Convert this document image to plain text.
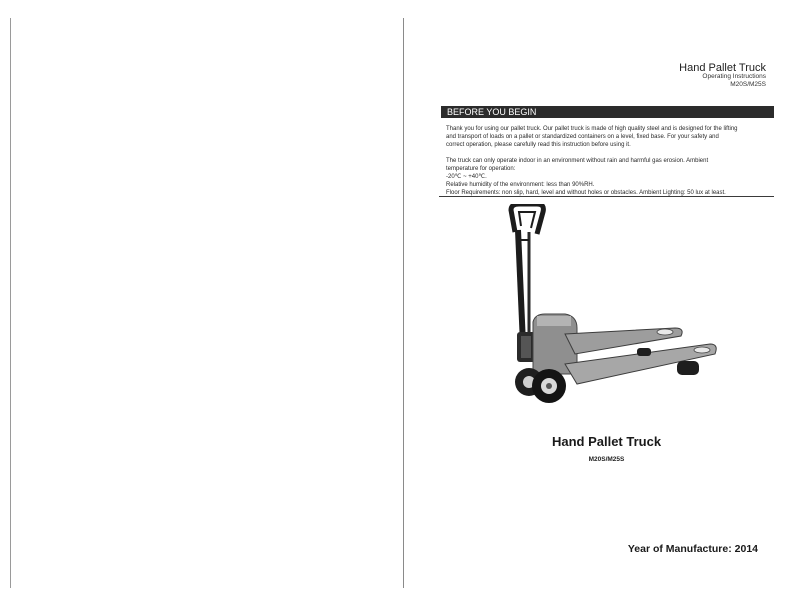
Hand Pallet Truck
Operating Instructions
M20S/M25S
BEFORE YOU BEGIN

Thank you for using our pallet truck. Our pallet truck is made of high quality steel and is designed for the lifting
and transport of loads on a pallet or standardized containers on a level, fixed base. For your safety and
correct operation, please carefully read this instruction before using it.

The truck can only operate indoor in an environment without rain and harmful gas erosion. Ambient
temperature for operation:
-20℃ ~ +40℃.
Relative humidity of the environment: less than 90%RH.
Floor Requirements: non slip, hard, level and without holes or obstacles. Ambient Lighting: 50 lux at least.

Hand Pallet Truck
M20S/M25S
Year of Manufacture: 2014
